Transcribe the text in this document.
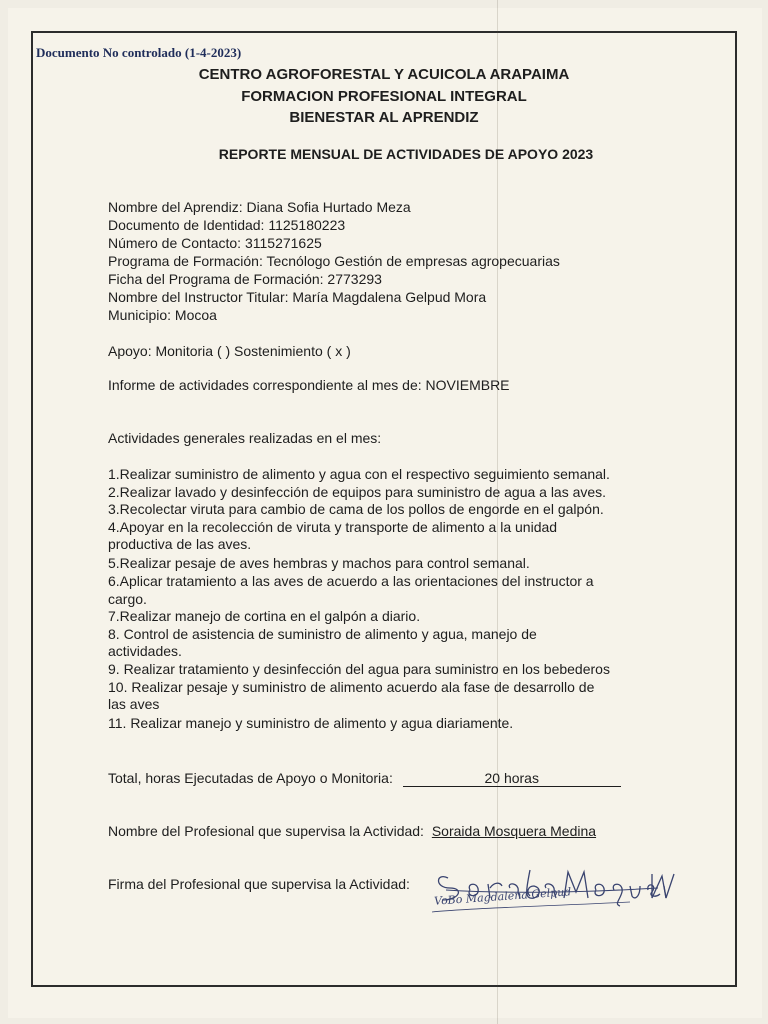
Documento No controlado (1-4-2023)
CENTRO AGROFORESTAL Y ACUICOLA ARAPAIMA
FORMACION PROFESIONAL INTEGRAL
BIENESTAR AL APRENDIZ
REPORTE MENSUAL DE ACTIVIDADES DE APOYO 2023
Nombre del Aprendiz: Diana Sofia Hurtado Meza
Documento de Identidad: 1125180223
Número de Contacto: 3115271625
Programa de Formación: Tecnólogo Gestión de empresas agropecuarias
Ficha del Programa de Formación: 2773293
Nombre del Instructor Titular: María Magdalena Gelpud Mora
Municipio: Mocoa
Apoyo: Monitoria ( ) Sostenimiento ( x )
Informe de actividades correspondiente al mes de: NOVIEMBRE
Actividades generales realizadas en el mes:
1.Realizar suministro de alimento y agua con el respectivo seguimiento semanal.
2.Realizar lavado y desinfección de equipos para suministro de agua a las aves.
3.Recolectar viruta para cambio de cama de los pollos de engorde en el galpón.
4.Apoyar en la recolección de viruta y transporte de alimento a la unidad
productiva de las aves.
5.Realizar pesaje de aves hembras y machos para control semanal.
6.Aplicar tratamiento a las aves de acuerdo a las orientaciones del instructor a
cargo.
7.Realizar manejo de cortina en el galpón a diario.
8. Control de asistencia de suministro de alimento y agua, manejo de
actividades.
9. Realizar tratamiento y desinfección del agua para suministro en los bebederos
10. Realizar pesaje y suministro de alimento acuerdo ala fase de desarrollo de
las aves
11. Realizar manejo y suministro de alimento y agua diariamente.
Total, horas Ejecutadas de Apoyo o Monitoria:	20 horas
Nombre del Profesional que supervisa la Actividad: Soraida Mosquera Medina
Firma del Profesional que supervisa la Actividad:
VoBo Magdalena Gelpud
